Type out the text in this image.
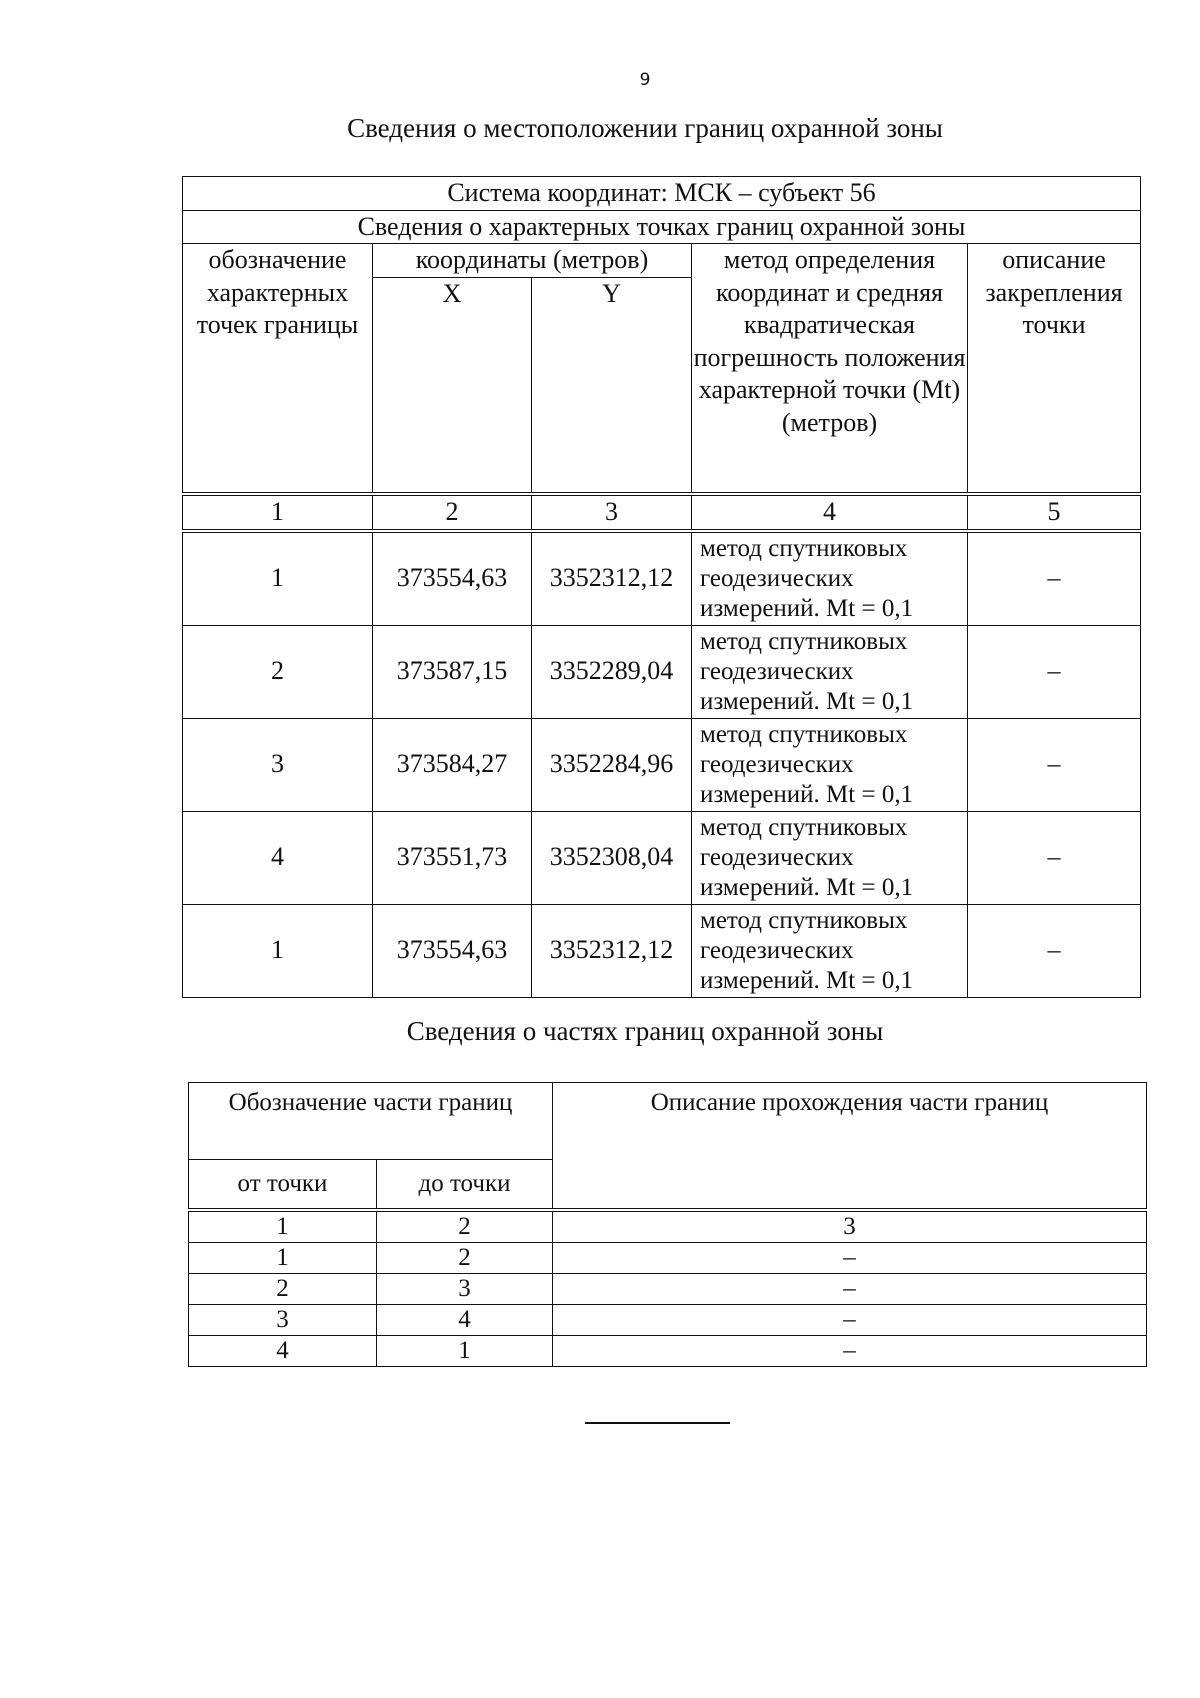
9
Сведения о местоположении границ охранной зоны
Система координат: МСК – субъект 56				
Сведения о характерных точках границ охранной зоны				
обозначение характерных точек границы	координаты (метров)		метод определения координат и средняя квадратическая погрешность положения характерной точки (Mt) (метров)	описание закрепления точки
	X	Y		
1	2	3	4	5
1	373554,63	3352312,12	метод спутниковых геодезических измерений. Mt = 0,1	–
2	373587,15	3352289,04	метод спутниковых геодезических измерений. Mt = 0,1	–
3	373584,27	3352284,96	метод спутниковых геодезических измерений. Mt = 0,1	–
4	373551,73	3352308,04	метод спутниковых геодезических измерений. Mt = 0,1	–
1	373554,63	3352312,12	метод спутниковых геодезических измерений. Mt = 0,1	–
Сведения о частях границ охранной зоны
Обозначение части границ		Описание прохождения части границ
от точки	до точки	
1	2	3
1	2	–
2	3	–
3	4	–
4	1	–
